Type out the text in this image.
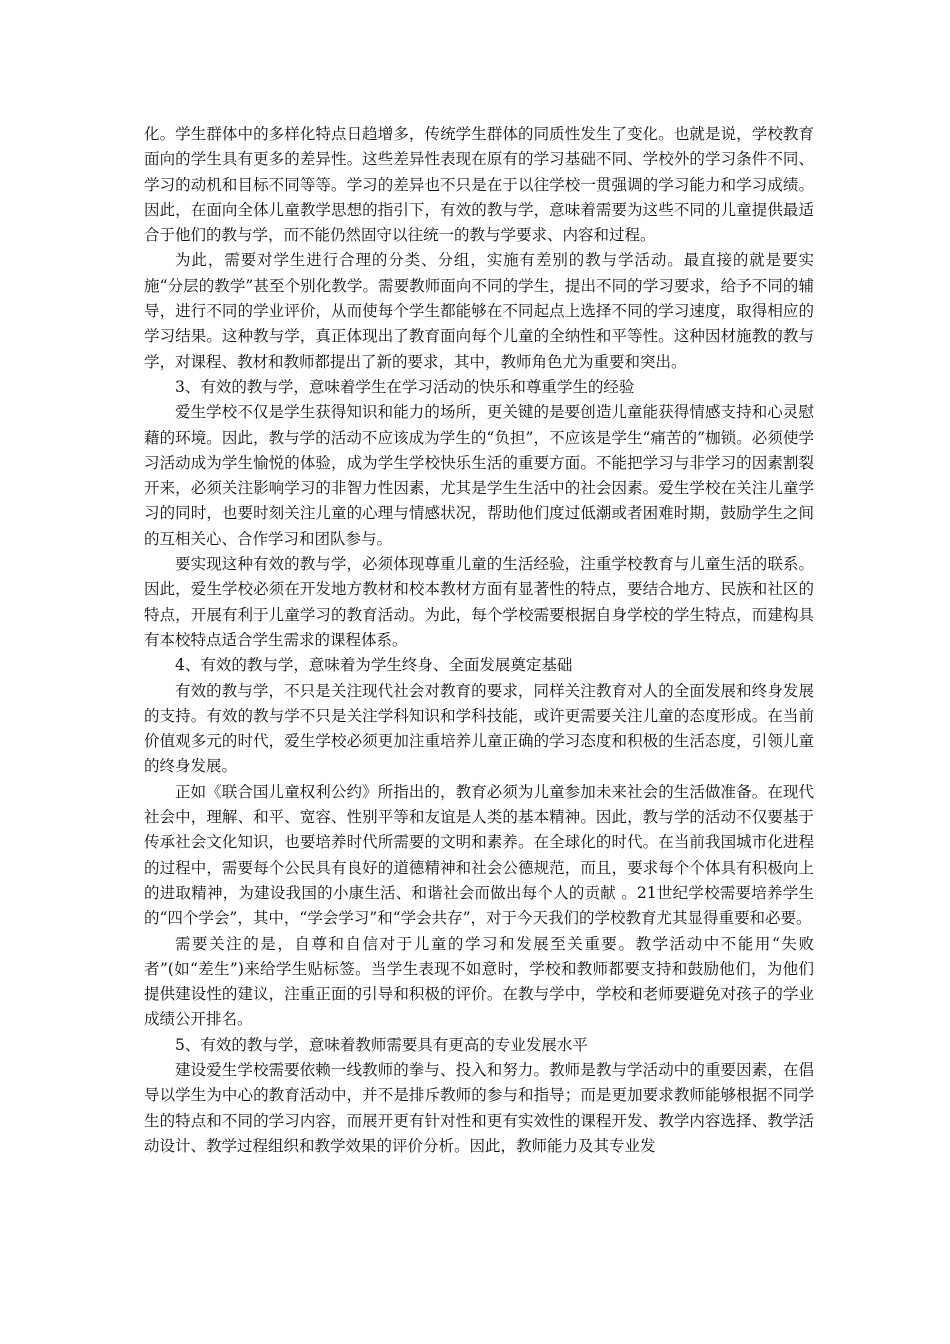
化。学生群体中的多样化特点日趋增多，传统学生群体的同质性发生了变化。也就是说，学校教育面向的学生具有更多的差异性。这些差异性表现在原有的学习基础不同、学校外的学习条件不同、学习的动机和目标不同等等。学习的差异也不只是在于以往学校一贯强调的学习能力和学习成绩。因此，在面向全体儿童教学思想的指引下，有效的教与学，意味着需要为这些不同的儿童提供最适合于他们的教与学，而不能仍然固守以往统一的教与学要求、内容和过程。

为此，需要对学生进行合理的分类、分组，实施有差别的教与学活动。最直接的就是要实施“分层的教学”甚至个别化教学。需要教师面向不同的学生，提出不同的学习要求，给予不同的辅导，进行不同的学业评价，从而使每个学生都能够在不同起点上选择不同的学习速度，取得相应的学习结果。这种教与学，真正体现出了教育面向每个儿童的全纳性和平等性。这种因材施教的教与学，对课程、教材和教师都提出了新的要求，其中，教师角色尤为重要和突出。

3、有效的教与学，意味着学生在学习活动的快乐和尊重学生的经验

爱生学校不仅是学生获得知识和能力的场所，更关键的是要创造儿童能获得情感支持和心灵慰藉的环境。因此，教与学的活动不应该成为学生的“负担”，不应该是学生“痛苦的”枷锁。必须使学习活动成为学生愉悦的体验，成为学生学校快乐生活的重要方面。不能把学习与非学习的因素割裂开来，必须关注影响学习的非智力性因素，尤其是学生生活中的社会因素。爱生学校在关注儿童学习的同时，也要时刻关注儿童的心理与情感状况，帮助他们度过低潮或者困难时期，鼓励学生之间的互相关心、合作学习和团队参与。

要实现这种有效的教与学，必须体现尊重儿童的生活经验，注重学校教育与儿童生活的联系。因此，爱生学校必须在开发地方教材和校本教材方面有显著性的特点，要结合地方、民族和社区的特点，开展有利于儿童学习的教育活动。为此，每个学校需要根据自身学校的学生特点，而建构具有本校特点适合学生需求的课程体系。

4、有效的教与学，意味着为学生终身、全面发展奠定基础

有效的教与学，不只是关注现代社会对教育的要求，同样关注教育对人的全面发展和终身发展的支持。有效的教与学不只是关注学科知识和学科技能，或许更需要关注儿童的态度形成。在当前价值观多元的时代，爱生学校必须更加注重培养儿童正确的学习态度和积极的生活态度，引领儿童的终身发展。

正如《联合国儿童权利公约》所指出的，教育必须为儿童参加未来社会的生活做准备。在现代社会中，理解、和平、宽容、性别平等和友谊是人类的基本精神。因此，教与学的活动不仅要基于传承社会文化知识，也要培养时代所需要的文明和素养。在全球化的时代。在当前我国城市化进程的过程中，需要每个公民具有良好的道德精神和社会公德规范，而且，要求每个个体具有积极向上的进取精神，为建设我国的小康生活、和谐社会而做出每个人的贡献 。21世纪学校需要培养学生的“四个学会”，其中，“学会学习”和“学会共存”，对于今天我们的学校教育尤其显得重要和必要。

需要关注的是，自尊和自信对于儿童的学习和发展至关重要。教学活动中不能用“失败者”(如“差生”)来给学生贴标签。当学生表现不如意时，学校和教师都要支持和鼓励他们，为他们提供建设性的建议，注重正面的引导和积极的评价。在教与学中，学校和老师要避免对孩子的学业成绩公开排名。

5、有效的教与学，意味着教师需要具有更高的专业发展水平

建设爱生学校需要依赖一线教师的拳与、投入和努力。教师是教与学活动中的重要因素，在倡导以学生为中心的教育活动中，并不是排斥教师的参与和指导；而是更加要求教师能够根据不同学生的特点和不同的学习内容，而展开更有针对性和更有实效性的课程开发、教学内容选择、教学活动设计、教学过程组织和教学效果的评价分析。因此，教师能力及其专业发
